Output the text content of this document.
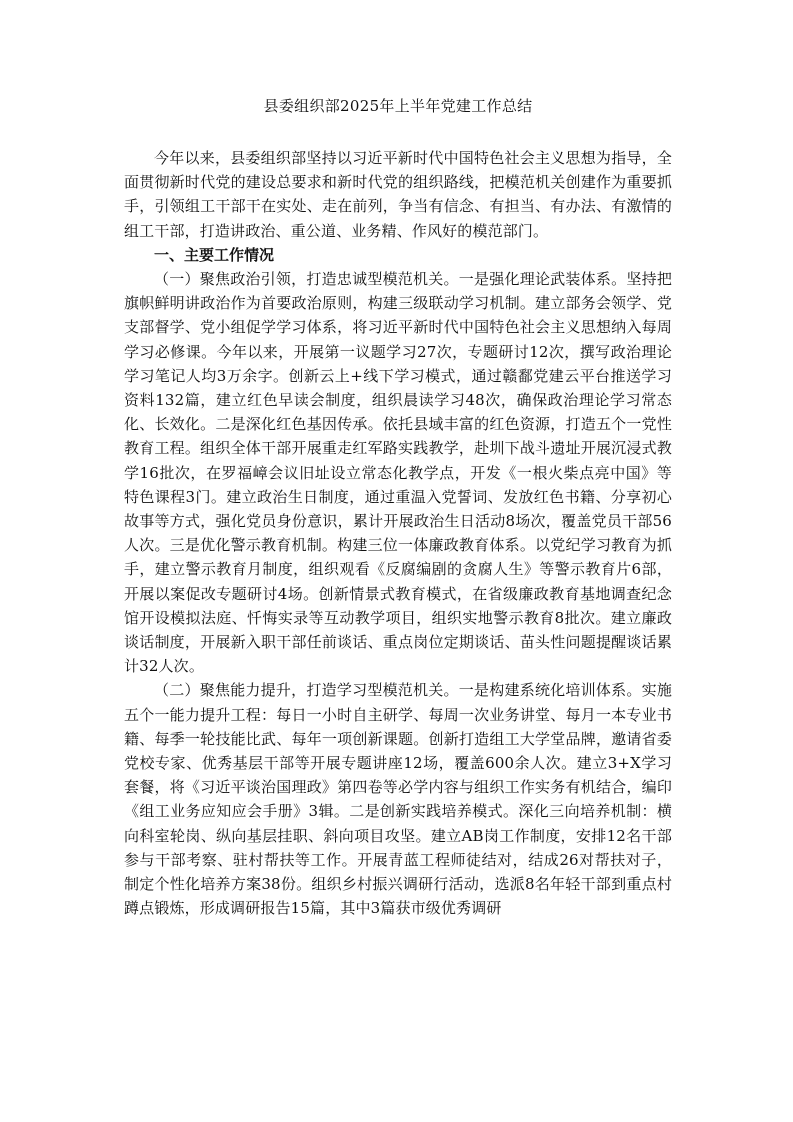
县委组织部2025年上半年党建工作总结

今年以来，县委组织部坚持以习近平新时代中国特色社会主义思想为指导，全面贯彻新时代党的建设总要求和新时代党的组织路线，把模范机关创建作为重要抓手，引领组工干部干在实处、走在前列，争当有信念、有担当、有办法、有激情的组工干部，打造讲政治、重公道、业务精、作风好的模范部门。

一、主要工作情况

（一）聚焦政治引领，打造忠诚型模范机关。一是强化理论武装体系。坚持把旗帜鲜明讲政治作为首要政治原则，构建三级联动学习机制。建立部务会领学、党支部督学、党小组促学学习体系，将习近平新时代中国特色社会主义思想纳入每周学习必修课。今年以来，开展第一议题学习27次，专题研讨12次，撰写政治理论学习笔记人均3万余字。创新云上+线下学习模式，通过赣鄱党建云平台推送学习资料132篇，建立红色早读会制度，组织晨读学习48次，确保政治理论学习常态化、长效化。二是深化红色基因传承。依托县域丰富的红色资源，打造五个一党性教育工程。组织全体干部开展重走红军路实践教学，赴圳下战斗遗址开展沉浸式教学16批次，在罗福嶂会议旧址设立常态化教学点，开发《一根火柴点亮中国》等特色课程3门。建立政治生日制度，通过重温入党誓词、发放红色书籍、分享初心故事等方式，强化党员身份意识，累计开展政治生日活动8场次，覆盖党员干部56人次。三是优化警示教育机制。构建三位一体廉政教育体系。以党纪学习教育为抓手，建立警示教育月制度，组织观看《反腐编剧的贪腐人生》等警示教育片6部，开展以案促改专题研讨4场。创新情景式教育模式，在省级廉政教育基地调查纪念馆开设模拟法庭、忏悔实录等互动教学项目，组织实地警示教育8批次。建立廉政谈话制度，开展新入职干部任前谈话、重点岗位定期谈话、苗头性问题提醒谈话累计32人次。

（二）聚焦能力提升，打造学习型模范机关。一是构建系统化培训体系。实施五个一能力提升工程：每日一小时自主研学、每周一次业务讲堂、每月一本专业书籍、每季一轮技能比武、每年一项创新课题。创新打造组工大学堂品牌，邀请省委党校专家、优秀基层干部等开展专题讲座12场，覆盖600余人次。建立3+X学习套餐，将《习近平谈治国理政》第四卷等必学内容与组织工作实务有机结合，编印《组工业务应知应会手册》3辑。二是创新实践培养模式。深化三向培养机制：横向科室轮岗、纵向基层挂职、斜向项目攻坚。建立AB岗工作制度，安排12名干部参与干部考察、驻村帮扶等工作。开展青蓝工程师徒结对，结成26对帮扶对子，制定个性化培养方案38份。组织乡村振兴调研行活动，选派8名年轻干部到重点村蹲点锻炼，形成调研报告15篇，其中3篇获市级优秀调研
